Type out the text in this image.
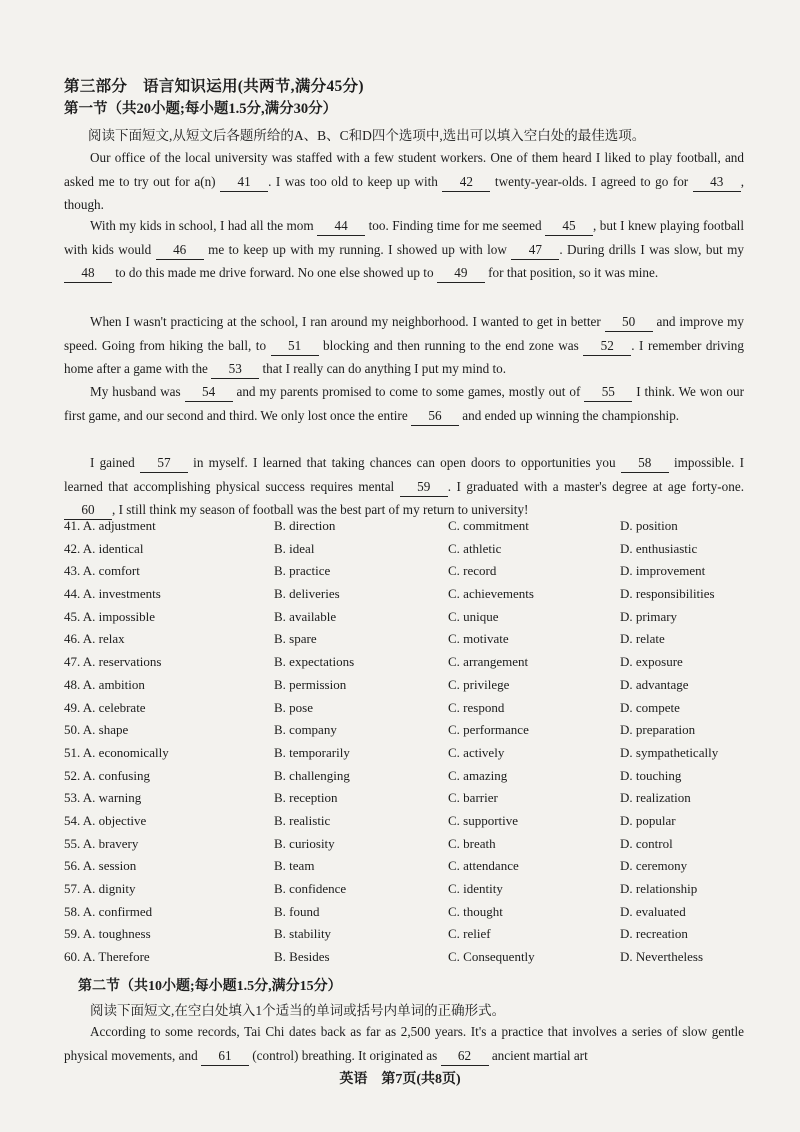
第三部分　语言知识运用(共两节,满分45分)
第一节（共20小题;每小题1.5分,满分30分）
阅读下面短文,从短文后各题所给的A、B、C和D四个选项中,选出可以填入空白处的最佳选项。
Our office of the local university was staffed with a few student workers. One of them heard I liked to play football, and asked me to try out for a(n) 41 . I was too old to keep up with 42 twenty-year-olds. I agreed to go for 43 , though.
With my kids in school, I had all the mom 44 too. Finding time for me seemed 45 , but I knew playing football with kids would 46 me to keep up with my running. I showed up with low 47 . During drills I was slow, but my 48 to do this made me drive forward. No one else showed up to 49 for that position, so it was mine.
When I wasn't practicing at the school, I ran around my neighborhood. I wanted to get in better 50 and improve my speed. Going from hiking the ball, to 51 blocking and then running to the end zone was 52 . I remember driving home after a game with the 53 that I really can do anything I put my mind to.
My husband was 54 and my parents promised to come to some games, mostly out of 55 I think. We won our first game, and our second and third. We only lost once the entire 56 and ended up winning the championship.
I gained 57 in myself. I learned that taking chances can open doors to opportunities you 58 impossible. I learned that accomplishing physical success requires mental 59 . I graduated with a master's degree at age forty-one. 60 , I still think my season of football was the best part of my return to university!
41. A. adjustment	B. direction	C. commitment	D. position
42. A. identical	B. ideal	C. athletic	D. enthusiastic
43. A. comfort	B. practice	C. record	D. improvement
44. A. investments	B. deliveries	C. achievements	D. responsibilities
45. A. impossible	B. available	C. unique	D. primary
46. A. relax	B. spare	C. motivate	D. relate
47. A. reservations	B. expectations	C. arrangement	D. exposure
48. A. ambition	B. permission	C. privilege	D. advantage
49. A. celebrate	B. pose	C. respond	D. compete
50. A. shape	B. company	C. performance	D. preparation
51. A. economically	B. temporarily	C. actively	D. sympathetically
52. A. confusing	B. challenging	C. amazing	D. touching
53. A. warning	B. reception	C. barrier	D. realization
54. A. objective	B. realistic	C. supportive	D. popular
55. A. bravery	B. curiosity	C. breath	D. control
56. A. session	B. team	C. attendance	D. ceremony
57. A. dignity	B. confidence	C. identity	D. relationship
58. A. confirmed	B. found	C. thought	D. evaluated
59. A. toughness	B. stability	C. relief	D. recreation
60. A. Therefore	B. Besides	C. Consequently	D. Nevertheless
第二节（共10小题;每小题1.5分,满分15分）
阅读下面短文,在空白处填入1个适当的单词或括号内单词的正确形式。
According to some records, Tai Chi dates back as far as 2,500 years. It's a practice that involves a series of slow gentle physical movements, and 61 (control) breathing. It originated as 62 ancient martial art
英语　第7页(共8页)
